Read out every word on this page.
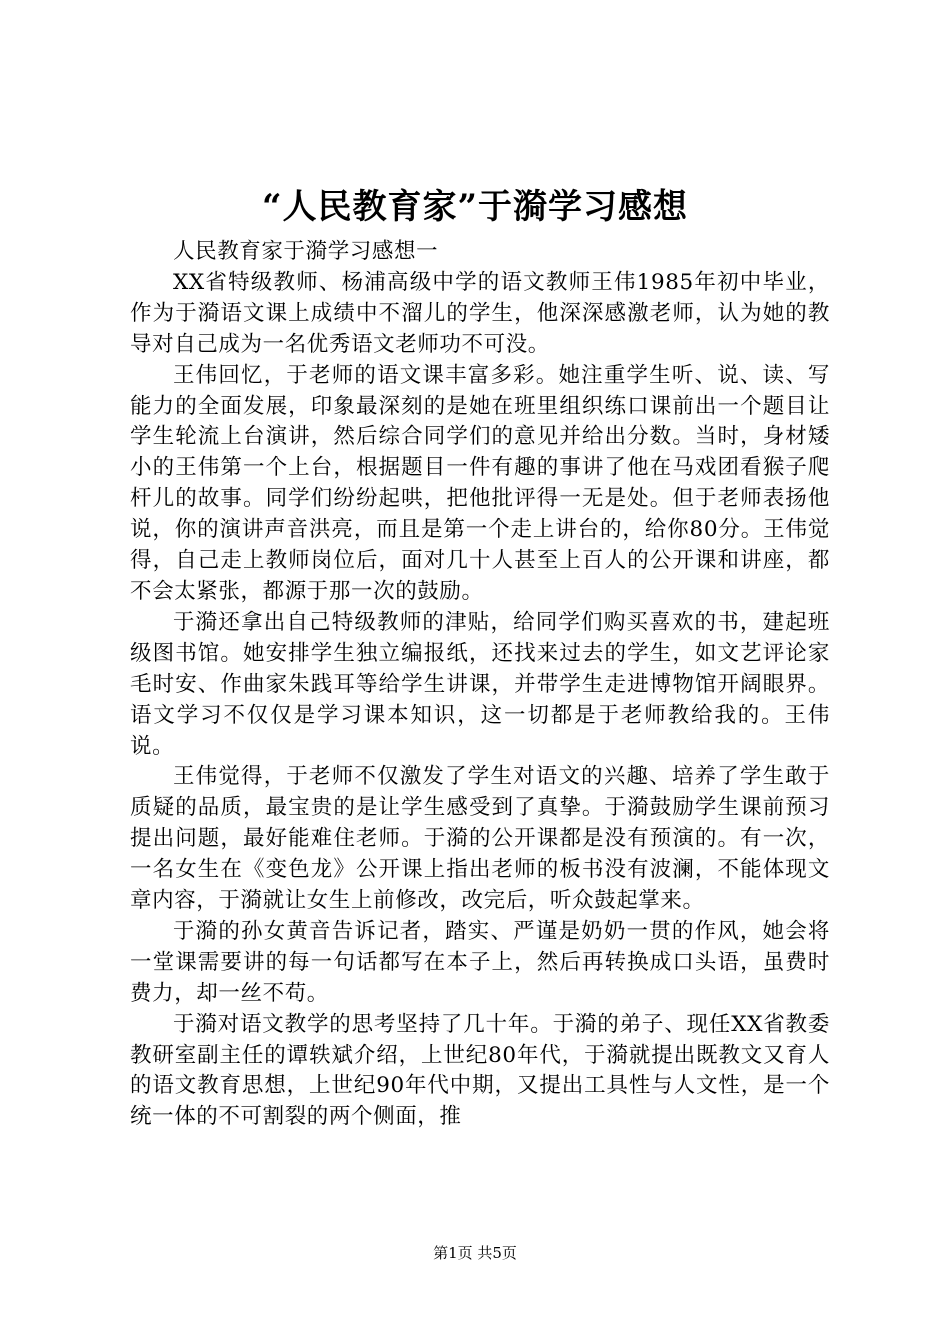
“人民教育家”于漪学习感想

人民教育家于漪学习感想一

XX省特级教师、杨浦高级中学的语文教师王伟1985年初中毕业，作为于漪语文课上成绩中不溜儿的学生，他深深感激老师，认为她的教导对自己成为一名优秀语文老师功不可没。

王伟回忆，于老师的语文课丰富多彩。她注重学生听、说、读、写能力的全面发展，印象最深刻的是她在班里组织练口课前出一个题目让学生轮流上台演讲，然后综合同学们的意见并给出分数。当时，身材矮小的王伟第一个上台，根据题目一件有趣的事讲了他在马戏团看猴子爬杆儿的故事。同学们纷纷起哄，把他批评得一无是处。但于老师表扬他说，你的演讲声音洪亮，而且是第一个走上讲台的，给你80分。王伟觉得，自己走上教师岗位后，面对几十人甚至上百人的公开课和讲座，都不会太紧张，都源于那一次的鼓励。

于漪还拿出自己特级教师的津贴，给同学们购买喜欢的书，建起班级图书馆。她安排学生独立编报纸，还找来过去的学生，如文艺评论家毛时安、作曲家朱践耳等给学生讲课，并带学生走进博物馆开阔眼界。语文学习不仅仅是学习课本知识，这一切都是于老师教给我的。王伟说。

王伟觉得，于老师不仅激发了学生对语文的兴趣、培养了学生敢于质疑的品质，最宝贵的是让学生感受到了真挚。于漪鼓励学生课前预习提出问题，最好能难住老师。于漪的公开课都是没有预演的。有一次，一名女生在《变色龙》公开课上指出老师的板书没有波澜，不能体现文章内容，于漪就让女生上前修改，改完后，听众鼓起掌来。

于漪的孙女黄音告诉记者，踏实、严谨是奶奶一贯的作风，她会将一堂课需要讲的每一句话都写在本子上，然后再转换成口头语，虽费时费力，却一丝不苟。

于漪对语文教学的思考坚持了几十年。于漪的弟子、现任XX省教委教研室副主任的谭轶斌介绍，上世纪80年代，于漪就提出既教文又育人的语文教育思想，上世纪90年代中期，又提出工具性与人文性，是一个统一体的不可割裂的两个侧面，推

第1页 共5页
